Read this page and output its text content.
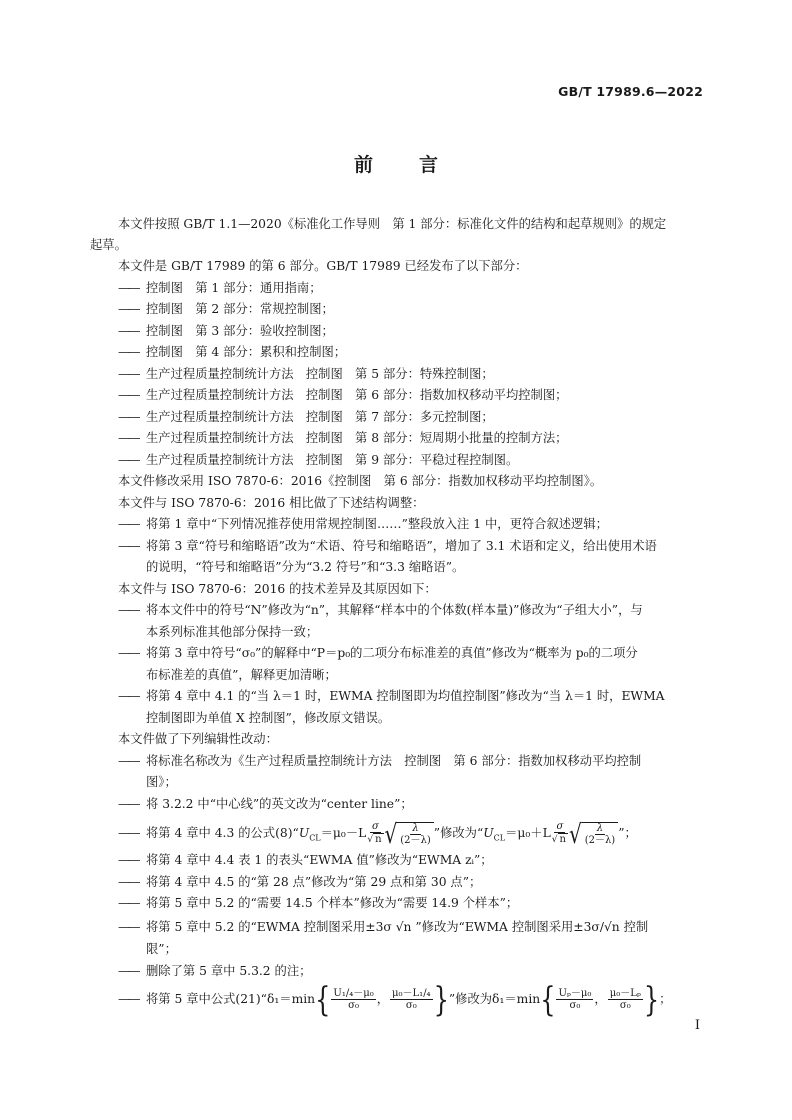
GB/T 17989.6—2022
前 言
本文件按照 GB/T 1.1—2020《标准化工作导则　第 1 部分：标准化文件的结构和起草规则》的规定
起草。
本文件是 GB/T 17989 的第 6 部分。GB/T 17989 已经发布了以下部分：
—— 控制图　第 1 部分：通用指南；
—— 控制图　第 2 部分：常规控制图；
—— 控制图　第 3 部分：验收控制图；
—— 控制图　第 4 部分：累积和控制图；
—— 生产过程质量控制统计方法　控制图　第 5 部分：特殊控制图；
—— 生产过程质量控制统计方法　控制图　第 6 部分：指数加权移动平均控制图；
—— 生产过程质量控制统计方法　控制图　第 7 部分：多元控制图；
—— 生产过程质量控制统计方法　控制图　第 8 部分：短周期小批量的控制方法；
—— 生产过程质量控制统计方法　控制图　第 9 部分：平稳过程控制图。
本文件修改采用 ISO 7870-6：2016《控制图　第 6 部分：指数加权移动平均控制图》。
本文件与 ISO 7870-6：2016 相比做了下述结构调整：
—— 将第 1 章中“下列情况推荐使用常规控制图……”整段放入注 1 中，更符合叙述逻辑；
—— 将第 3 章“符号和缩略语”改为“术语、符号和缩略语”，增加了 3.1 术语和定义，给出使用术语
的说明，“符号和缩略语”分为“3.2 符号”和“3.3 缩略语”。
本文件与 ISO 7870-6：2016 的技术差异及其原因如下：
—— 将本文件中的符号“N”修改为“n”，其解释“样本中的个体数(样本量)”修改为“子组大小”，与
本系列标准其他部分保持一致；
—— 将第 3 章中符号“σ₀”的解释中“P＝p₀的二项分布标准差的真值”修改为“概率为 p₀的二项分
布标准差的真值”，解释更加清晰；
—— 将第 4 章中 4.1 的“当 λ＝1 时，EWMA 控制图即为均值控制图”修改为“当 λ＝1 时，EWMA
控制图即为单值 X 控制图”，修改原文错误。
本文件做了下列编辑性改动：
—— 将标准名称改为《生产过程质量控制统计方法　控制图　第 6 部分：指数加权移动平均控制
图》；
—— 将 3.2.2 中“中心线”的英文改为“center line”；
—— 将第 4 章中 4.3 的公式$(8)“U_{CL}=\mu_0-L \frac{\sigma}{√ n}$ √ $\frac{\lambda}{(2-\lambda)}$ ”修改为“$U_{CL}=\mu_0+L \frac{\sigma}{√ n}$ √ $\frac{\lambda}{(2-\lambda)}$ ”；
—— 将第 4 章中 4.4 表 1 的表头“EWMA 值”修改为“EWMA zᵢ”；
—— 将第 4 章中 4.5 的“第 28 点”修改为“第 29 点和第 30 点”；
—— 将第 5 章中 5.2 的“需要 14.5 个样本”修改为“需要 14.9 个样本”；
—— 将第 5 章中 5.2 的“EWMA 控制图采用±3σ √n ”修改为“EWMA 控制图采用±3σ/√n 控制
限”；
—— 删除了第 5 章中 5.3.2 的注；
—— 将第 5 章中公式(21)“δ₁＝min{ $\frac{\text{U₁/₄－μ₀}}{\text{σ₀}}$ ， $\frac{\text{μ₀－L₁/₄}}{\text{σ₀}}$ }”修改为$\delta_1=\min\{ \frac{\text{Uₚ－μ₀}}{\text{σ₀}}$ ， $\frac{\text{μ₀－Lₚ}}{\text{σ₀}}$ }；
I
